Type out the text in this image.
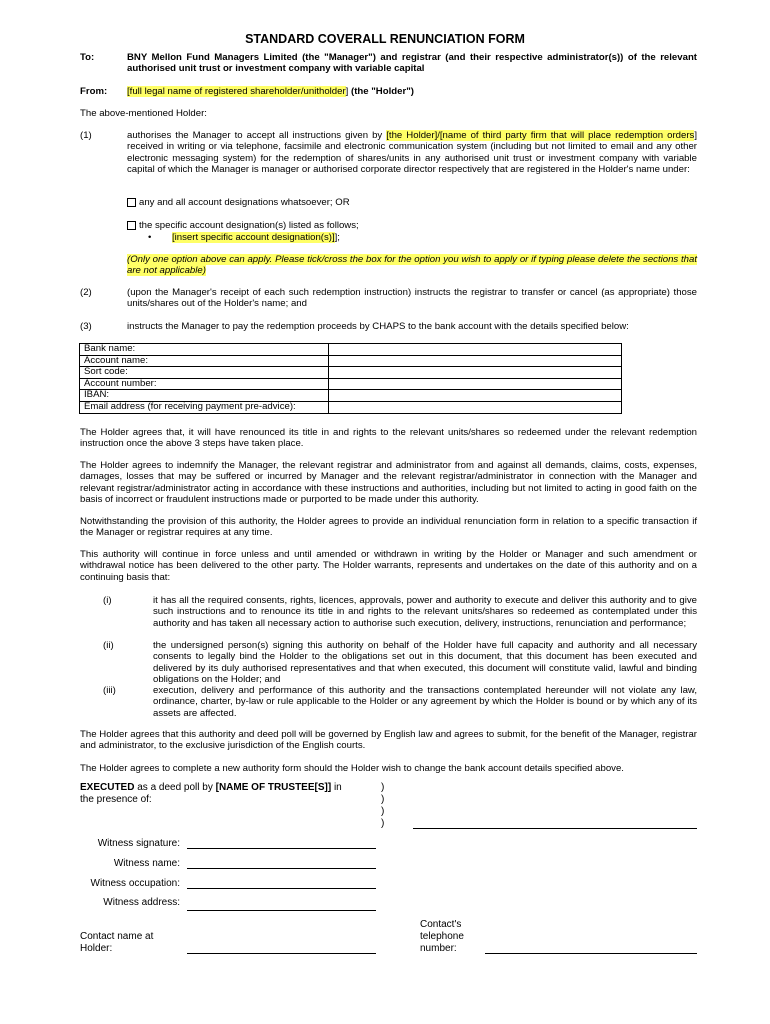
STANDARD COVERALL RENUNCIATION FORM
To:	BNY Mellon Fund Managers Limited (the "Manager") and registrar (and their respective administrator(s)) of the relevant authorised unit trust or investment company with variable capital
From: [full legal name of registered shareholder/unitholder] (the "Holder")
The above-mentioned Holder:
(1)	authorises the Manager to accept all instructions given by [the Holder]/[name of third party firm that will place redemption orders] received in writing or via telephone, facsimile and electronic communication system (including but not limited to email and any other electronic messaging system) for the redemption of shares/units in any authorised unit trust or investment company with variable capital of which the Manager is manager or authorised corporate director respectively that are registered in the Holder's name under:
any and all account designations whatsoever; OR
the specific account designation(s) listed as follows;
• [insert specific account designation(s)]];
(Only one option above can apply. Please tick/cross the box for the option you wish to apply or if typing please delete the sections that are not applicable)
(2)	(upon the Manager's receipt of each such redemption instruction) instructs the registrar to transfer or cancel (as appropriate) those units/shares out of the Holder's name; and
(3)	instructs the Manager to pay the redemption proceeds by CHAPS to the bank account with the details specified below:
Bank name:	
Account name:	
Sort code:	
Account number:	
IBAN:	
Email address (for receiving payment pre-advice):	
The Holder agrees that, it will have renounced its title in and rights to the relevant units/shares so redeemed under the relevant redemption instruction once the above 3 steps have taken place.
The Holder agrees to indemnify the Manager, the relevant registrar and administrator from and against all demands, claims, costs, expenses, damages, losses that may be suffered or incurred by Manager and the relevant registrar/administrator in connection with the Manager and relevant registrar/administrator acting in accordance with these instructions and authorities, including but not limited to acting in good faith on the basis of incorrect or fraudulent instructions made or purported to be made under this authority.
Notwithstanding the provision of this authority, the Holder agrees to provide an individual renunciation form in relation to a specific transaction if the Manager or registrar requires at any time.
This authority will continue in force unless and until amended or withdrawn in writing by the Holder or Manager and such amendment or withdrawal notice has been delivered to the other party. The Holder warrants, represents and undertakes on the date of this authority and on a continuing basis that:
(i)	it has all the required consents, rights, licences, approvals, power and authority to execute and deliver this authority and to give such instructions and to renounce its title in and rights to the relevant units/shares so redeemed as contemplated under this authority and has taken all necessary action to authorise such execution, delivery, instructions, renunciation and performance;
(ii)	the undersigned person(s) signing this authority on behalf of the Holder have full capacity and authority and all necessary consents to legally bind the Holder to the obligations set out in this document, that this document has been executed and delivered by its duly authorised representatives and that when executed, this document will constitute valid, lawful and binding obligations on the Holder; and
(iii)	execution, delivery and performance of this authority and the transactions contemplated hereunder will not violate any law, ordinance, charter, by-law or rule applicable to the Holder or any agreement by which the Holder is bound or by which any of its assets are affected.
The Holder agrees that this authority and deed poll will be governed by English law and agrees to submit, for the benefit of the Manager, registrar and administrator, to the exclusive jurisdiction of the English courts.
The Holder agrees to complete a new authority form should the Holder wish to change the bank account details specified above.
EXECUTED as a deed poll by [NAME OF TRUSTEE[S]] in
the presence of:
)
)
)
)
Witness signature:
Witness name:
Witness occupation:
Witness address:
Contact name at
Holder:
Contact's
telephone
number:
